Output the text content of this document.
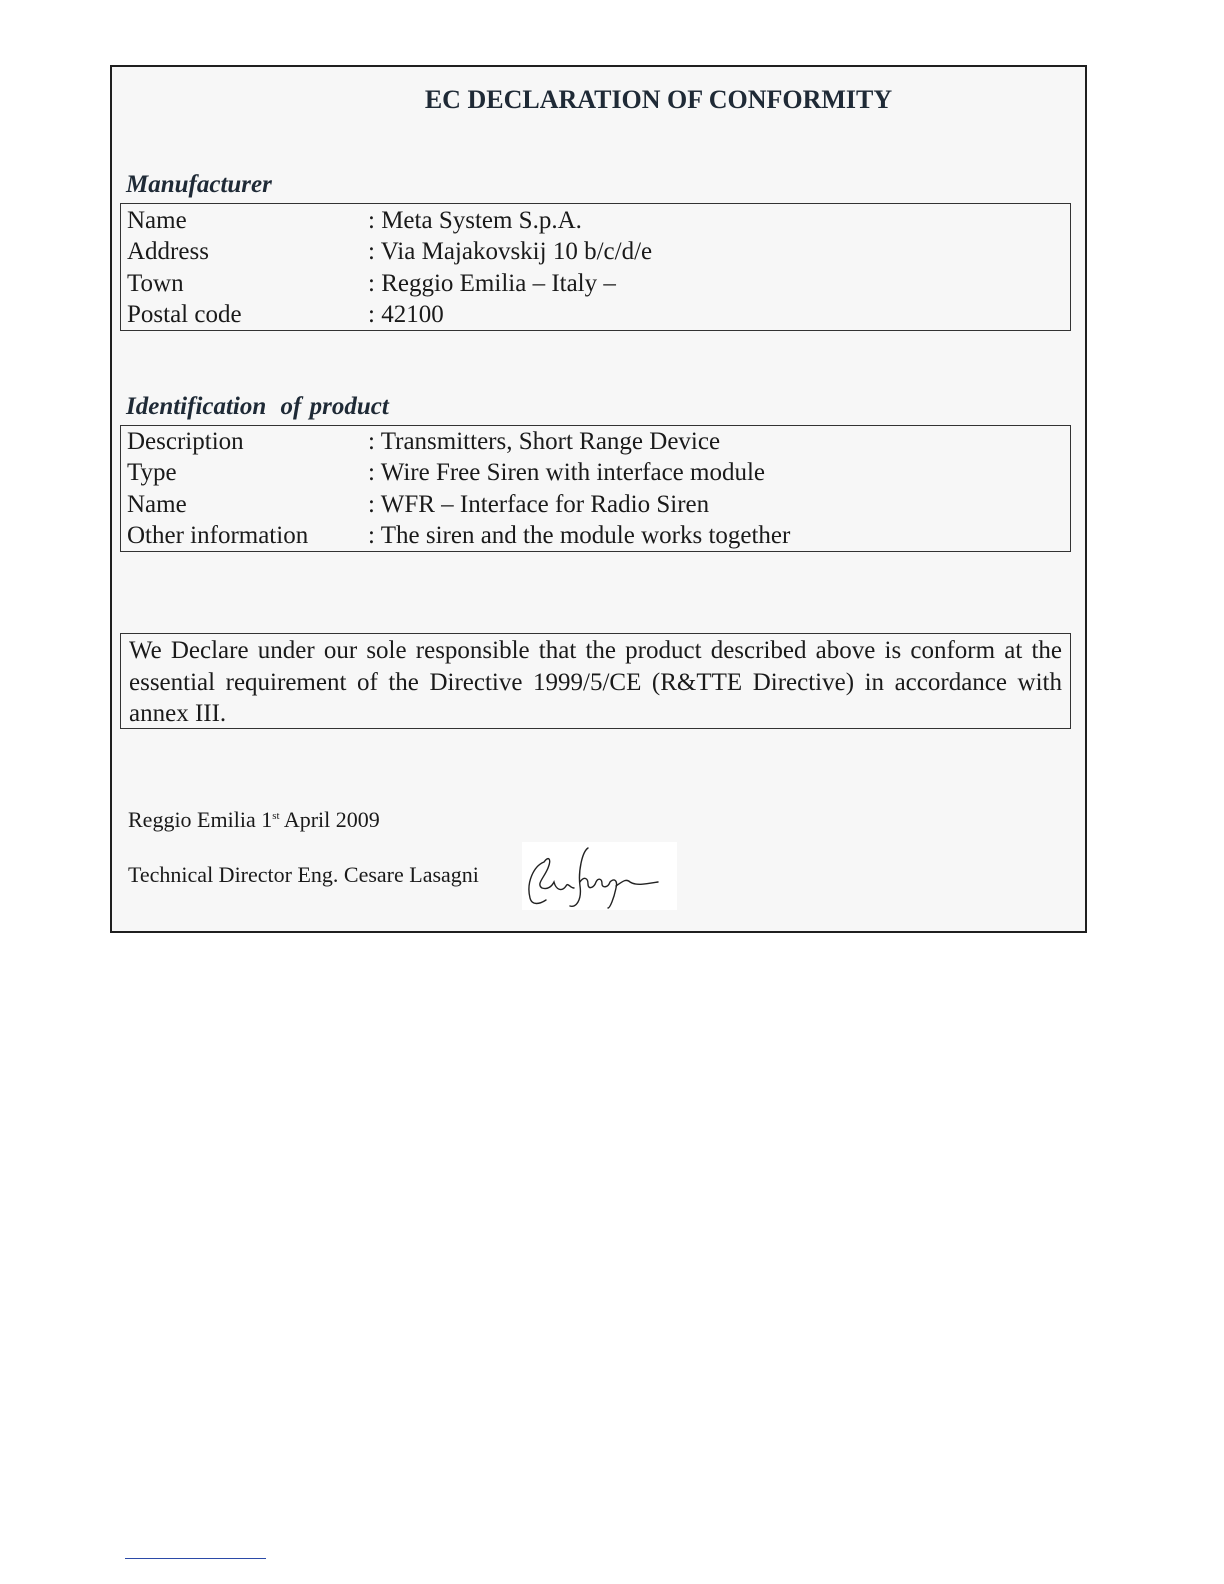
EC DECLARATION OF CONFORMITY
Manufacturer
Name	: Meta System S.p.A.
Address	: Via Majakovskij 10 b/c/d/e
Town	: Reggio Emilia – Italy –
Postal code	: 42100
Identification of product
Description	: Transmitters, Short Range Device
Type	: Wire Free Siren with interface module
Name	: WFR – Interface for Radio Siren
Other information	: The siren and the module works together
We Declare under our sole responsible that the product described above is conform at the essential requirement of the Directive 1999/5/CE (R&TTE Directive) in accordance with annex III.
Reggio Emilia 1st April 2009
Technical Director Eng. Cesare Lasagni
